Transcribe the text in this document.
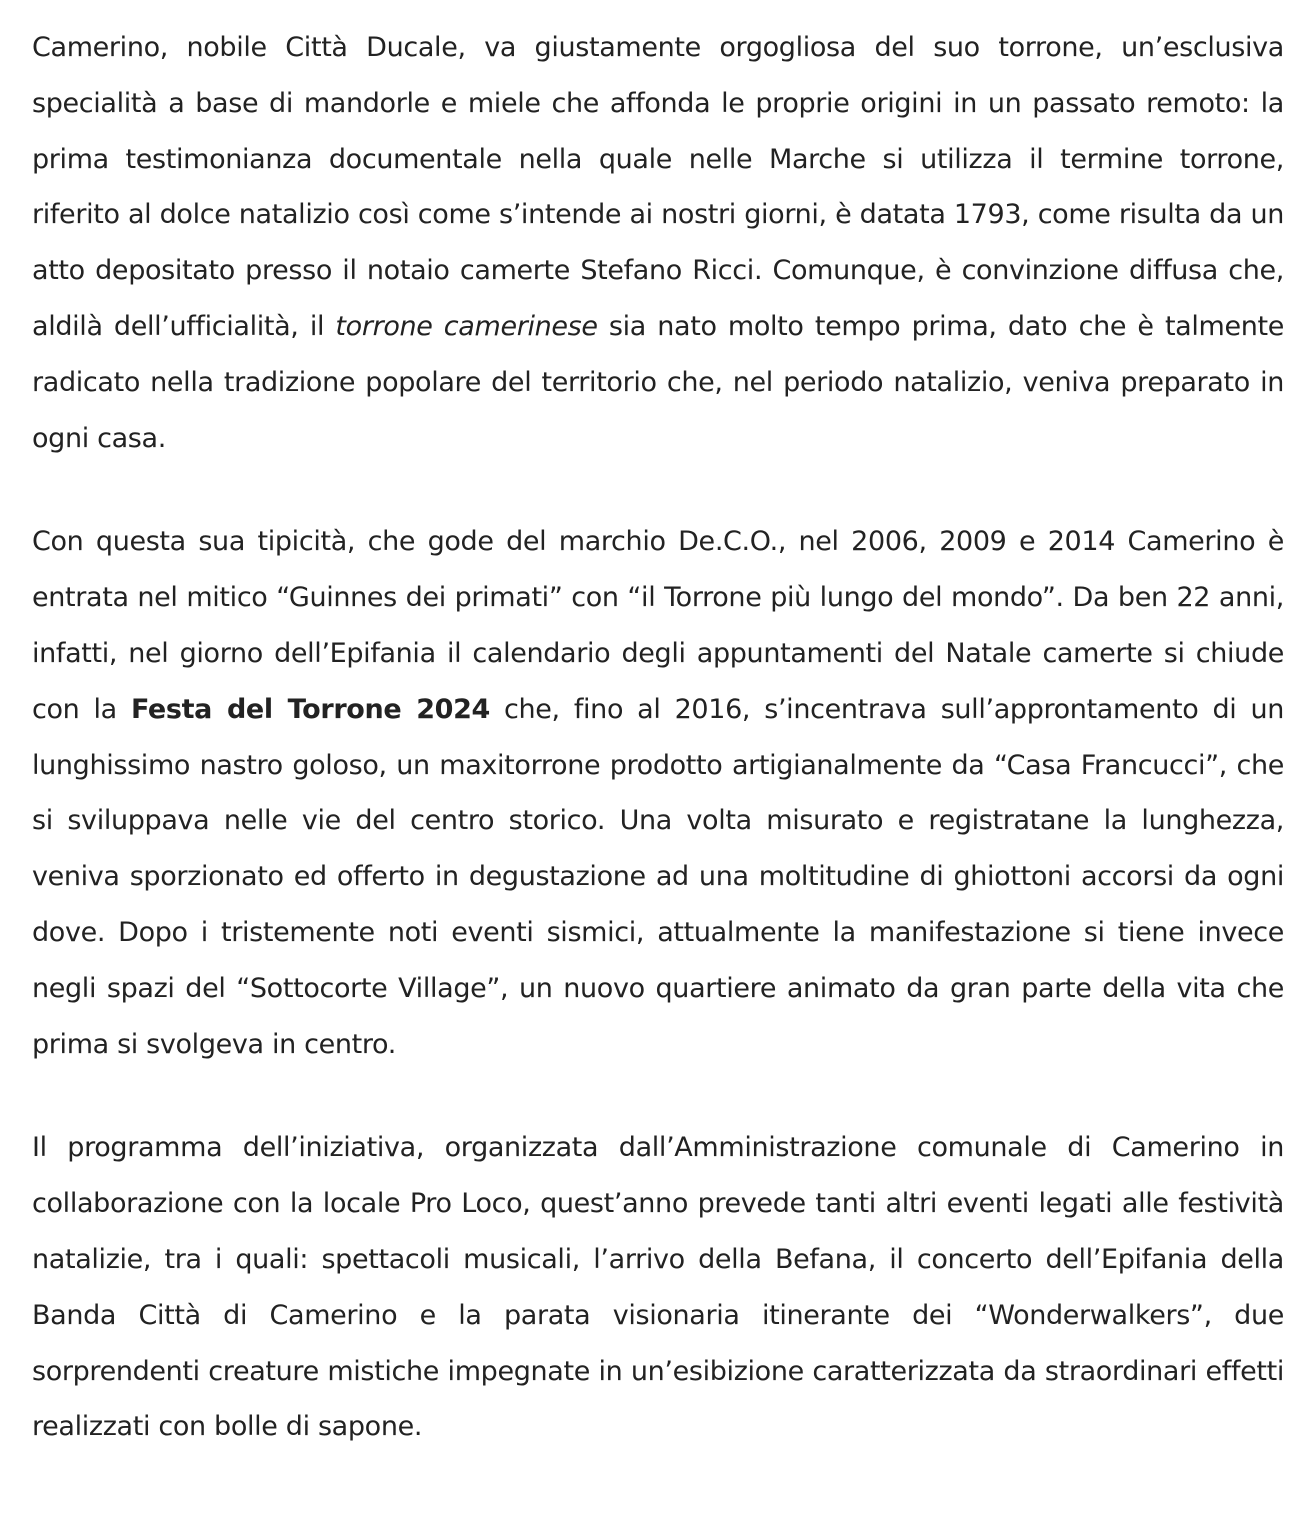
Camerino, nobile Città Ducale, va giustamente orgogliosa del suo torrone, un’esclusiva specialità a base di mandorle e miele che affonda le proprie origini in un passato remoto: la prima testimonianza documentale nella quale nelle Marche si utilizza il termine torrone, riferito al dolce natalizio così come s’intende ai nostri giorni, è datata 1793, come risulta da un atto depositato presso il notaio camerte Stefano Ricci. Comunque, è convinzione diffusa che, aldilà dell’ufficialità, il torrone camerinese sia nato molto tempo prima, dato che è talmente radicato nella tradizione popolare del territorio che, nel periodo natalizio, veniva preparato in ogni casa.

Con questa sua tipicità, che gode del marchio De.C.O., nel 2006, 2009 e 2014 Camerino è entrata nel mitico “Guinnes dei primati” con “il Torrone più lungo del mondo”. Da ben 22 anni, infatti, nel giorno dell’Epifania il calendario degli appuntamenti del Natale camerte si chiude con la Festa del Torrone 2024 che, fino al 2016, s’incentrava sull’approntamento di un lunghissimo nastro goloso, un maxitorrone prodotto artigianalmente da “Casa Francucci”, che si sviluppava nelle vie del centro storico. Una volta misurato e registratane la lunghezza, veniva sporzionato ed offerto in degustazione ad una moltitudine di ghiottoni accorsi da ogni dove. Dopo i tristemente noti eventi sismici, attualmente la manifestazione si tiene invece negli spazi del “Sottocorte Village”, un nuovo quartiere animato da gran parte della vita che prima si svolgeva in centro.

Il programma dell’iniziativa, organizzata dall’Amministrazione comunale di Camerino in collaborazione con la locale Pro Loco, quest’anno prevede tanti altri eventi legati alle festività natalizie, tra i quali: spettacoli musicali, l’arrivo della Befana, il concerto dell’Epifania della Banda Città di Camerino e la parata visionaria itinerante dei “Wonderwalkers”, due sorprendenti creature mistiche impegnate in un’esibizione caratterizzata da straordinari effetti realizzati con bolle di sapone.
